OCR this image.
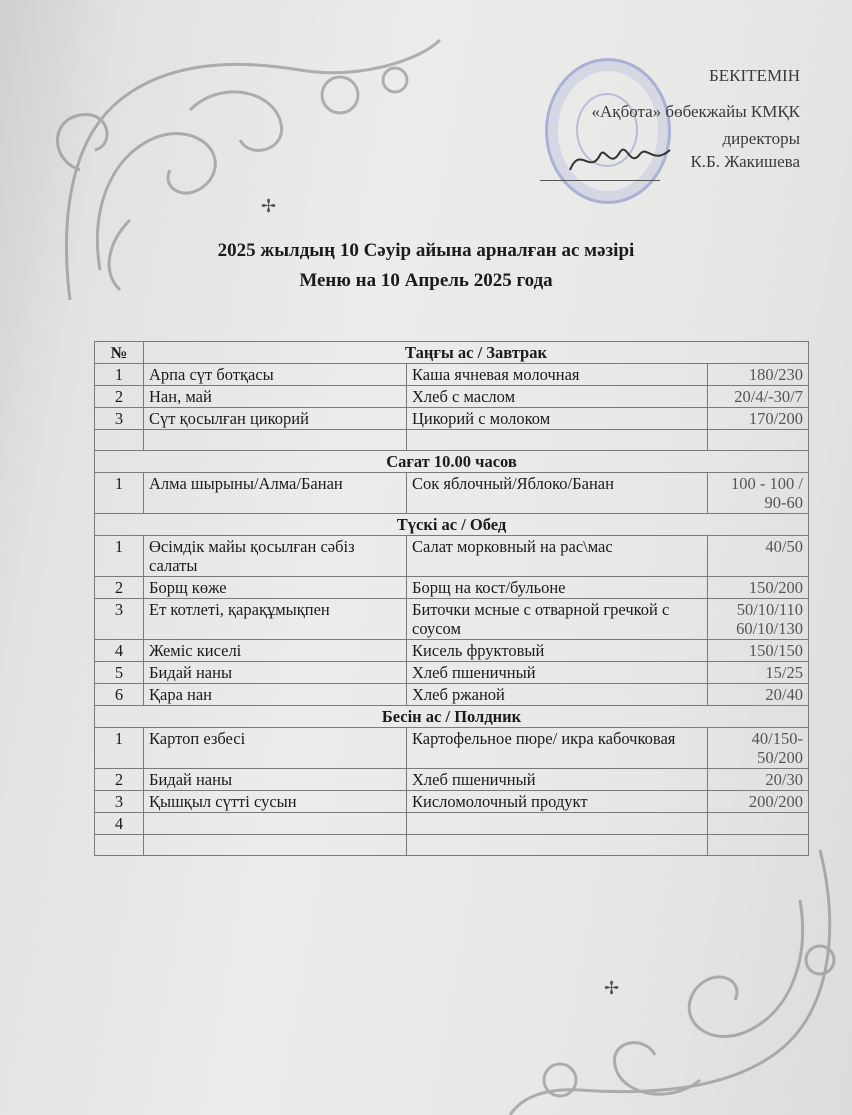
✢
✢
БЕКІТЕМІН
«Ақбота» бөбекжайы КМҚК
директоры
К.Б. Жакишева
2025 жылдың 10 Сәуір айына арналған ас мәзірі
Меню на 10 Апрель 2025 года
№	Таңғы ас / Завтрак		
1	Арпа сүт ботқасы	Каша ячневая молочная	180/230
2	Нан, май	Хлеб с маслом	20/4/-30/7
3	Сүт қосылған цикорий	Цикорий с молоком	170/200

Сағат 10.00 часов			
1	Алма шырыны/Алма/Банан	Сок яблочный/Яблоко/Банан	100 - 100 / 90-60
Түскі ас / Обед			
1	Өсімдік майы қосылған сәбіз салаты	Салат морковный на рас\мас	40/50
2	Борщ көже	Борщ на кост/бульоне	150/200
3	Ет котлеті, қарақұмықпен	Биточки мсные с отварной гречкой с соусом	50/10/110 60/10/130
4	Жеміс киселі	Кисель фруктовый	150/150
5	Бидай наны	Хлеб пшеничный	15/25
6	Қара нан	Хлеб ржаной	20/40
Бесін ас / Полдник			
1	Картоп езбесі	Картофельное пюре/ икра кабочковая	40/150- 50/200
2	Бидай наны	Хлеб пшеничный	20/30
3	Қышқыл сүтті сусын	Кисломолочный продукт	200/200
4			
